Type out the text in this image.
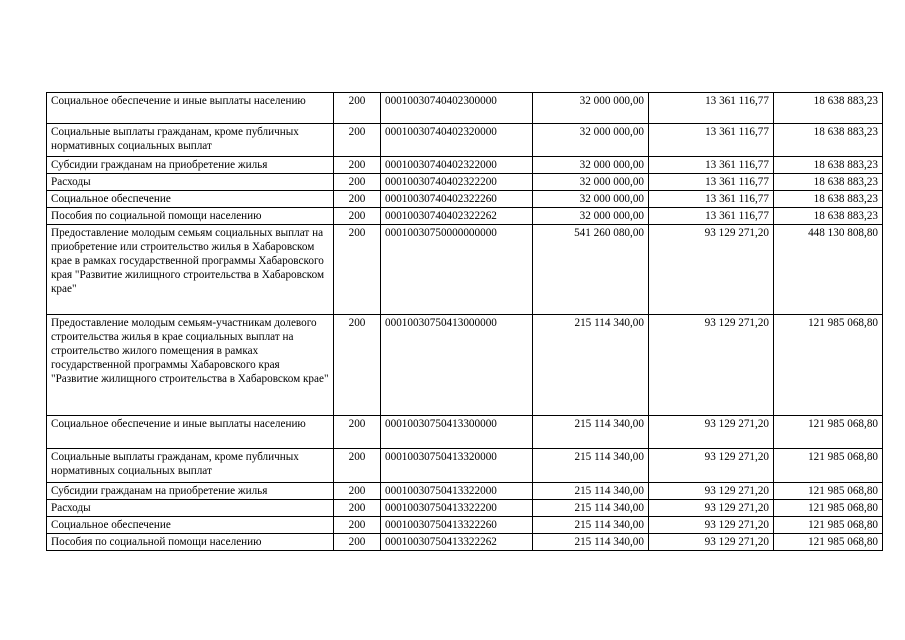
Социальное обеспечение и иные выплаты населению	200	00010030740402300000	32 000 000,00	13 361 116,77	18 638 883,23
Социальные выплаты гражданам, кроме публичных нормативных социальных выплат	200	00010030740402320000	32 000 000,00	13 361 116,77	18 638 883,23
Субсидии гражданам на приобретение жилья	200	00010030740402322000	32 000 000,00	13 361 116,77	18 638 883,23
Расходы	200	00010030740402322200	32 000 000,00	13 361 116,77	18 638 883,23
Социальное обеспечение	200	00010030740402322260	32 000 000,00	13 361 116,77	18 638 883,23
Пособия по социальной помощи населению	200	00010030740402322262	32 000 000,00	13 361 116,77	18 638 883,23
Предоставление молодым семьям социальных выплат на приобретение или строительство жилья в Хабаровском крае в рамках государственной программы Хабаровского края "Развитие жилищного строительства в Хабаровском крае"	200	00010030750000000000	541 260 080,00	93 129 271,20	448 130 808,80
Предоставление молодым семьям-участникам долевого строительства жилья в крае социальных выплат на строительство жилого помещения в рамках государственной программы Хабаровского края "Развитие жилищного строительства в Хабаровском крае"	200	00010030750413000000	215 114 340,00	93 129 271,20	121 985 068,80
Социальное обеспечение и иные выплаты населению	200	00010030750413300000	215 114 340,00	93 129 271,20	121 985 068,80
Социальные выплаты гражданам, кроме публичных нормативных социальных выплат	200	00010030750413320000	215 114 340,00	93 129 271,20	121 985 068,80
Субсидии гражданам на приобретение жилья	200	00010030750413322000	215 114 340,00	93 129 271,20	121 985 068,80
Расходы	200	00010030750413322200	215 114 340,00	93 129 271,20	121 985 068,80
Социальное обеспечение	200	00010030750413322260	215 114 340,00	93 129 271,20	121 985 068,80
Пособия по социальной помощи населению	200	00010030750413322262	215 114 340,00	93 129 271,20	121 985 068,80
